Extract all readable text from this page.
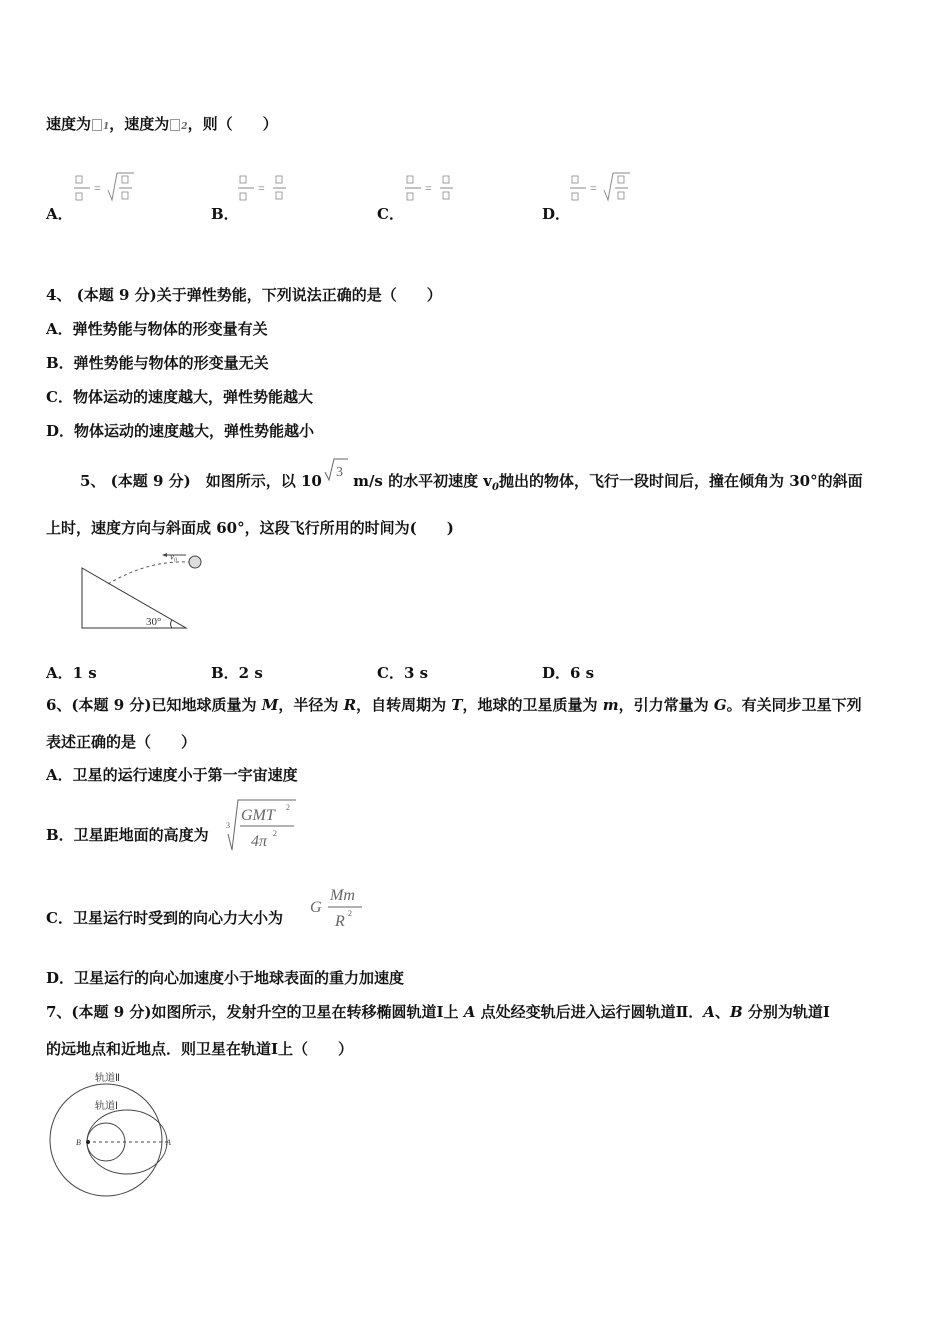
速度为 1，速度为 2，则（　　）
=
A．
=
B．
=
C．
=
D．
4、 (本题 9 分)关于弹性势能，下列说法正确的是（　　）
A．弹性势能与物体的形变量有关
B．弹性势能与物体的形变量无关
C．物体运动的速度越大，弹性势能越大
D．物体运动的速度越大，弹性势能越小
5、 (本题 9 分)　如图所示，以 10 3 m/s 的水平初速度 $v_0$抛出的物体，飞行一段时间后，撞在倾角为 30°的斜面
上时，速度方向与斜面成 60°，这段飞行所用的时间为(　　)
v₀
30°
A．1 s	B．2 s	C．3 s	D．6 s
6、(本题 9 分)已知地球质量为 M，半径为 R，自转周期为 T，地球的卫星质量为 m，引力常量为 G。有关同步卫星下列
表述正确的是（　　）
A．卫星的运行速度小于第一宇宙速度
B．卫星距地面的高度为
3
GMT 2
4π 2
C．卫星运行时受到的向心力大小为
G
Mm
R 2
D．卫星运行的向心加速度小于地球表面的重力加速度
7、(本题 9 分)如图所示，发射升空的卫星在转移椭圆轨道Ⅰ上 A 点处经变轨后进入运行圆轨道Ⅱ．A、B 分别为轨道Ⅰ
的远地点和近地点．则卫星在轨道Ⅰ上（　　）
轨道Ⅱ
轨道Ⅰ
B	A
